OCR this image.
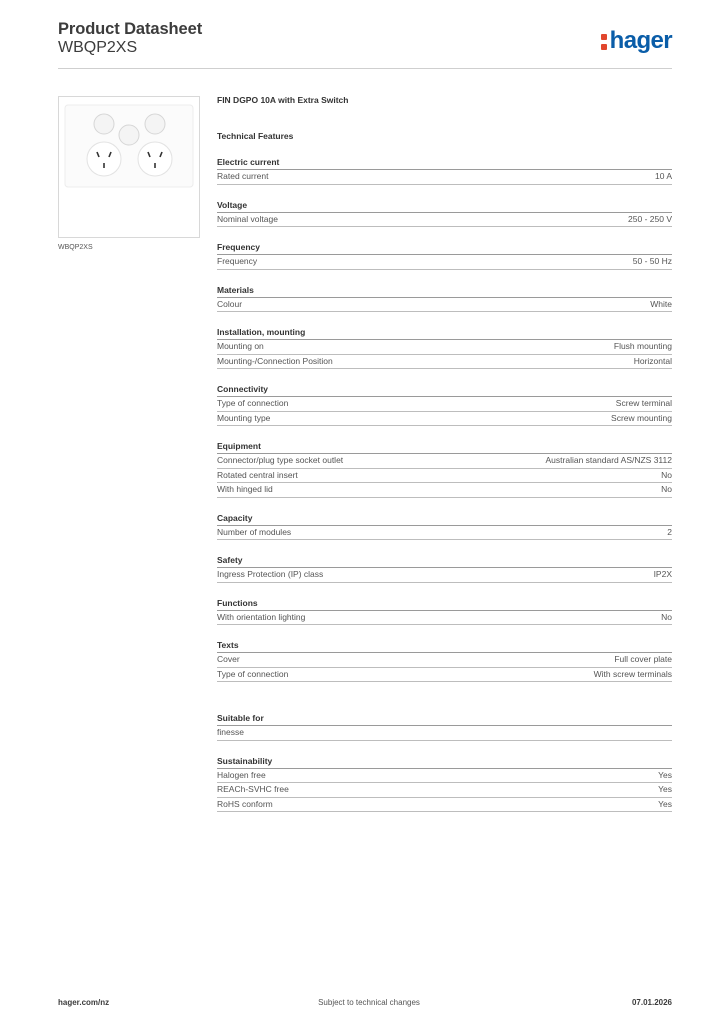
Product Datasheet
WBQP2XS	hager
WBQP2XS
FIN DGPO 10A with Extra Switch
Technical Features
Electric current
Rated current	10 A
Voltage
Nominal voltage	250 - 250 V
Frequency
Frequency	50 - 50 Hz
Materials
Colour	White
Installation, mounting
Mounting on	Flush mounting
Mounting-/Connection Position	Horizontal
Connectivity
Type of connection	Screw terminal
Mounting type	Screw mounting
Equipment
Connector/plug type socket outlet	Australian standard AS/NZS 3112
Rotated central insert	No
With hinged lid	No
Capacity
Number of modules	2
Safety
Ingress Protection (IP) class	IP2X
Functions
With orientation lighting	No
Texts
Cover	Full cover plate
Type of connection	With screw terminals
Suitable for
finesse
Sustainability
Halogen free	Yes
REACh-SVHC free	Yes
RoHS conform	Yes
hager.com/nz	Subject to technical changes	07.01.2026
